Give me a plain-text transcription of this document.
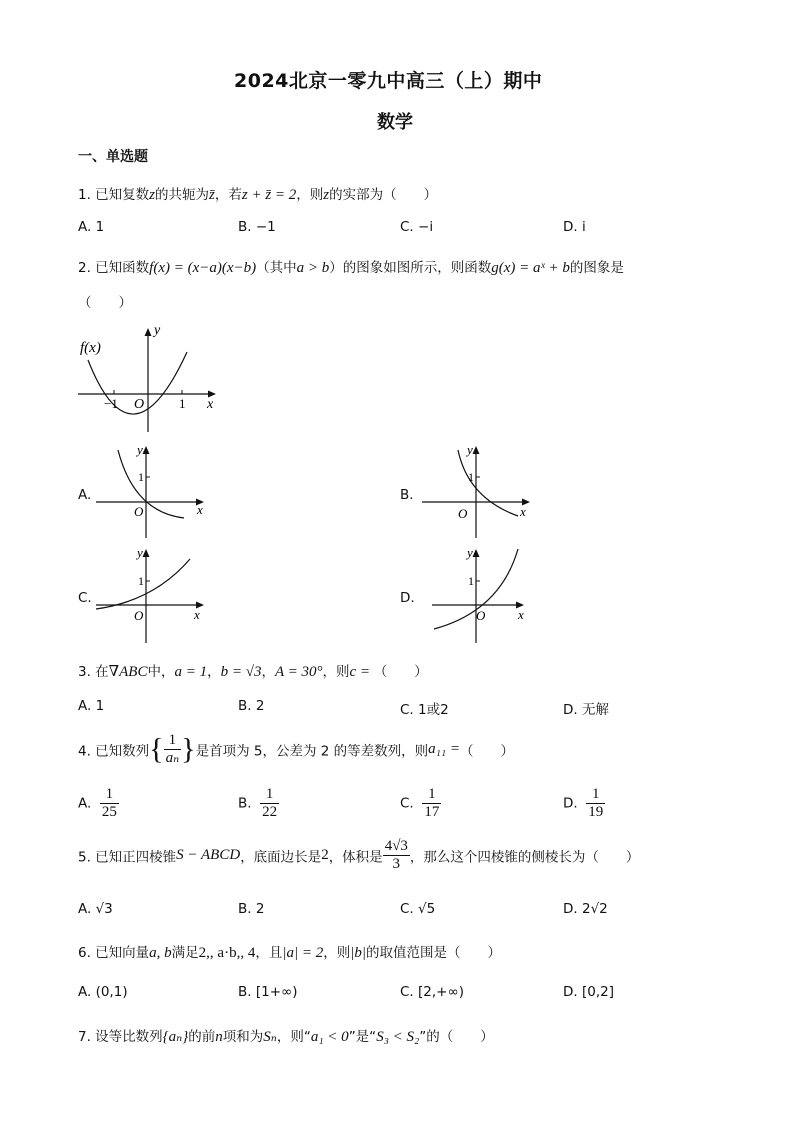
2024北京一零九中高三（上）期中
数学
一、单选题
1. 已知复数z的共轭为z̄，若z + z̄ = 2，则z的实部为（　　）
A. 1	B. −1	C. −i	D. i
2. 已知函数f(x) = (x−a)(x−b)（其中a > b）的图象如图所示，则函数g(x) = aˣ + b的图象是
（　　）
f(x)
y
x
O
−1	1
A.
y
1
O	x
B.
y
1
O	x
C.
y
1
O	x
D.
y
1
O	x
3. 在∇ABC中，a = 1，b = √3，A = 30°，则c = （　　）
A. 1	B. 2	C. 1或2	D. 无解
4. 已知数列{ $\frac{1}{\text{aₙ}}$ }是首项为 5，公差为 2 的等差数列，则a₁₁ =（　　）
A. $\frac{1}{25}$	B. $\frac{1}{22}$	C. $\frac{1}{17}$	D. $\frac{1}{19}$
5. 已知正四棱锥S − ABCD，底面边长是2，体积是 $\frac{4√3}{3}$ ，那么这个四棱锥的侧棱长为（　　）
A. √3	B. 2	C. √5	D. 2√2
6. 已知向量a, b满足2,, a·b,, 4，且|a| = 2，则|b|的取值范围是（　　）
A. (0,1)	B. [1+∞)	C. [2,+∞)	D. [0,2]
7. 设等比数列{aₙ}的前n项和为Sₙ，则“a₁ < 0”是“S₃ < S₂”的（　　）
